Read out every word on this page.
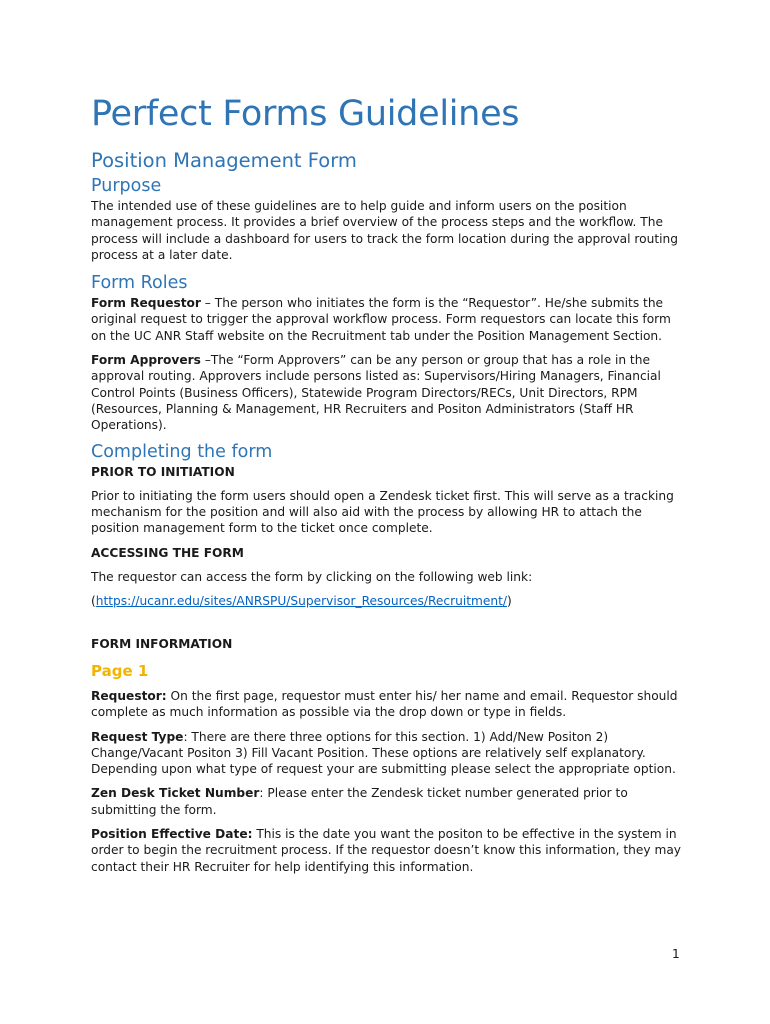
Perfect Forms Guidelines
Position Management Form
Purpose

The intended use of these guidelines are to help guide and inform users on the position management process. It provides a brief overview of the process steps and the workflow. The process will include a dashboard for users to track the form location during the approval routing process at a later date.

Form Roles

Form Requestor – The person who initiates the form is the “Requestor”. He/she submits the original request to trigger the approval workflow process. Form requestors can locate this form on the UC ANR Staff website on the Recruitment tab under the Position Management Section.

Form Approvers –The “Form Approvers” can be any person or group that has a role in the approval routing. Approvers include persons listed as: Supervisors/Hiring Managers, Financial Control Points (Business Officers), Statewide Program Directors/RECs, Unit Directors, RPM (Resources, Planning & Management, HR Recruiters and Positon Administrators (Staff HR Operations).

Completing the form
PRIOR TO INITIATION

Prior to initiating the form users should open a Zendesk ticket first. This will serve as a tracking mechanism for the position and will also aid with the process by allowing HR to attach the position management form to the ticket once complete.

ACCESSING THE FORM

The requestor can access the form by clicking on the following web link:

(https://ucanr.edu/sites/ANRSPU/Supervisor_Resources/Recruitment/)

FORM INFORMATION
Page 1

Requestor: On the first page, requestor must enter his/ her name and email. Requestor should complete as much information as possible via the drop down or type in fields.

Request Type: There are there three options for this section. 1) Add/New Positon 2) Change/Vacant Positon 3) Fill Vacant Position. These options are relatively self explanatory. Depending upon what type of request your are submitting please select the appropriate option.

Zen Desk Ticket Number: Please enter the Zendesk ticket number generated prior to submitting the form.

Position Effective Date: This is the date you want the positon to be effective in the system in order to begin the recruitment process. If the requestor doesn’t know this information, they may contact their HR Recruiter for help identifying this information.

1
